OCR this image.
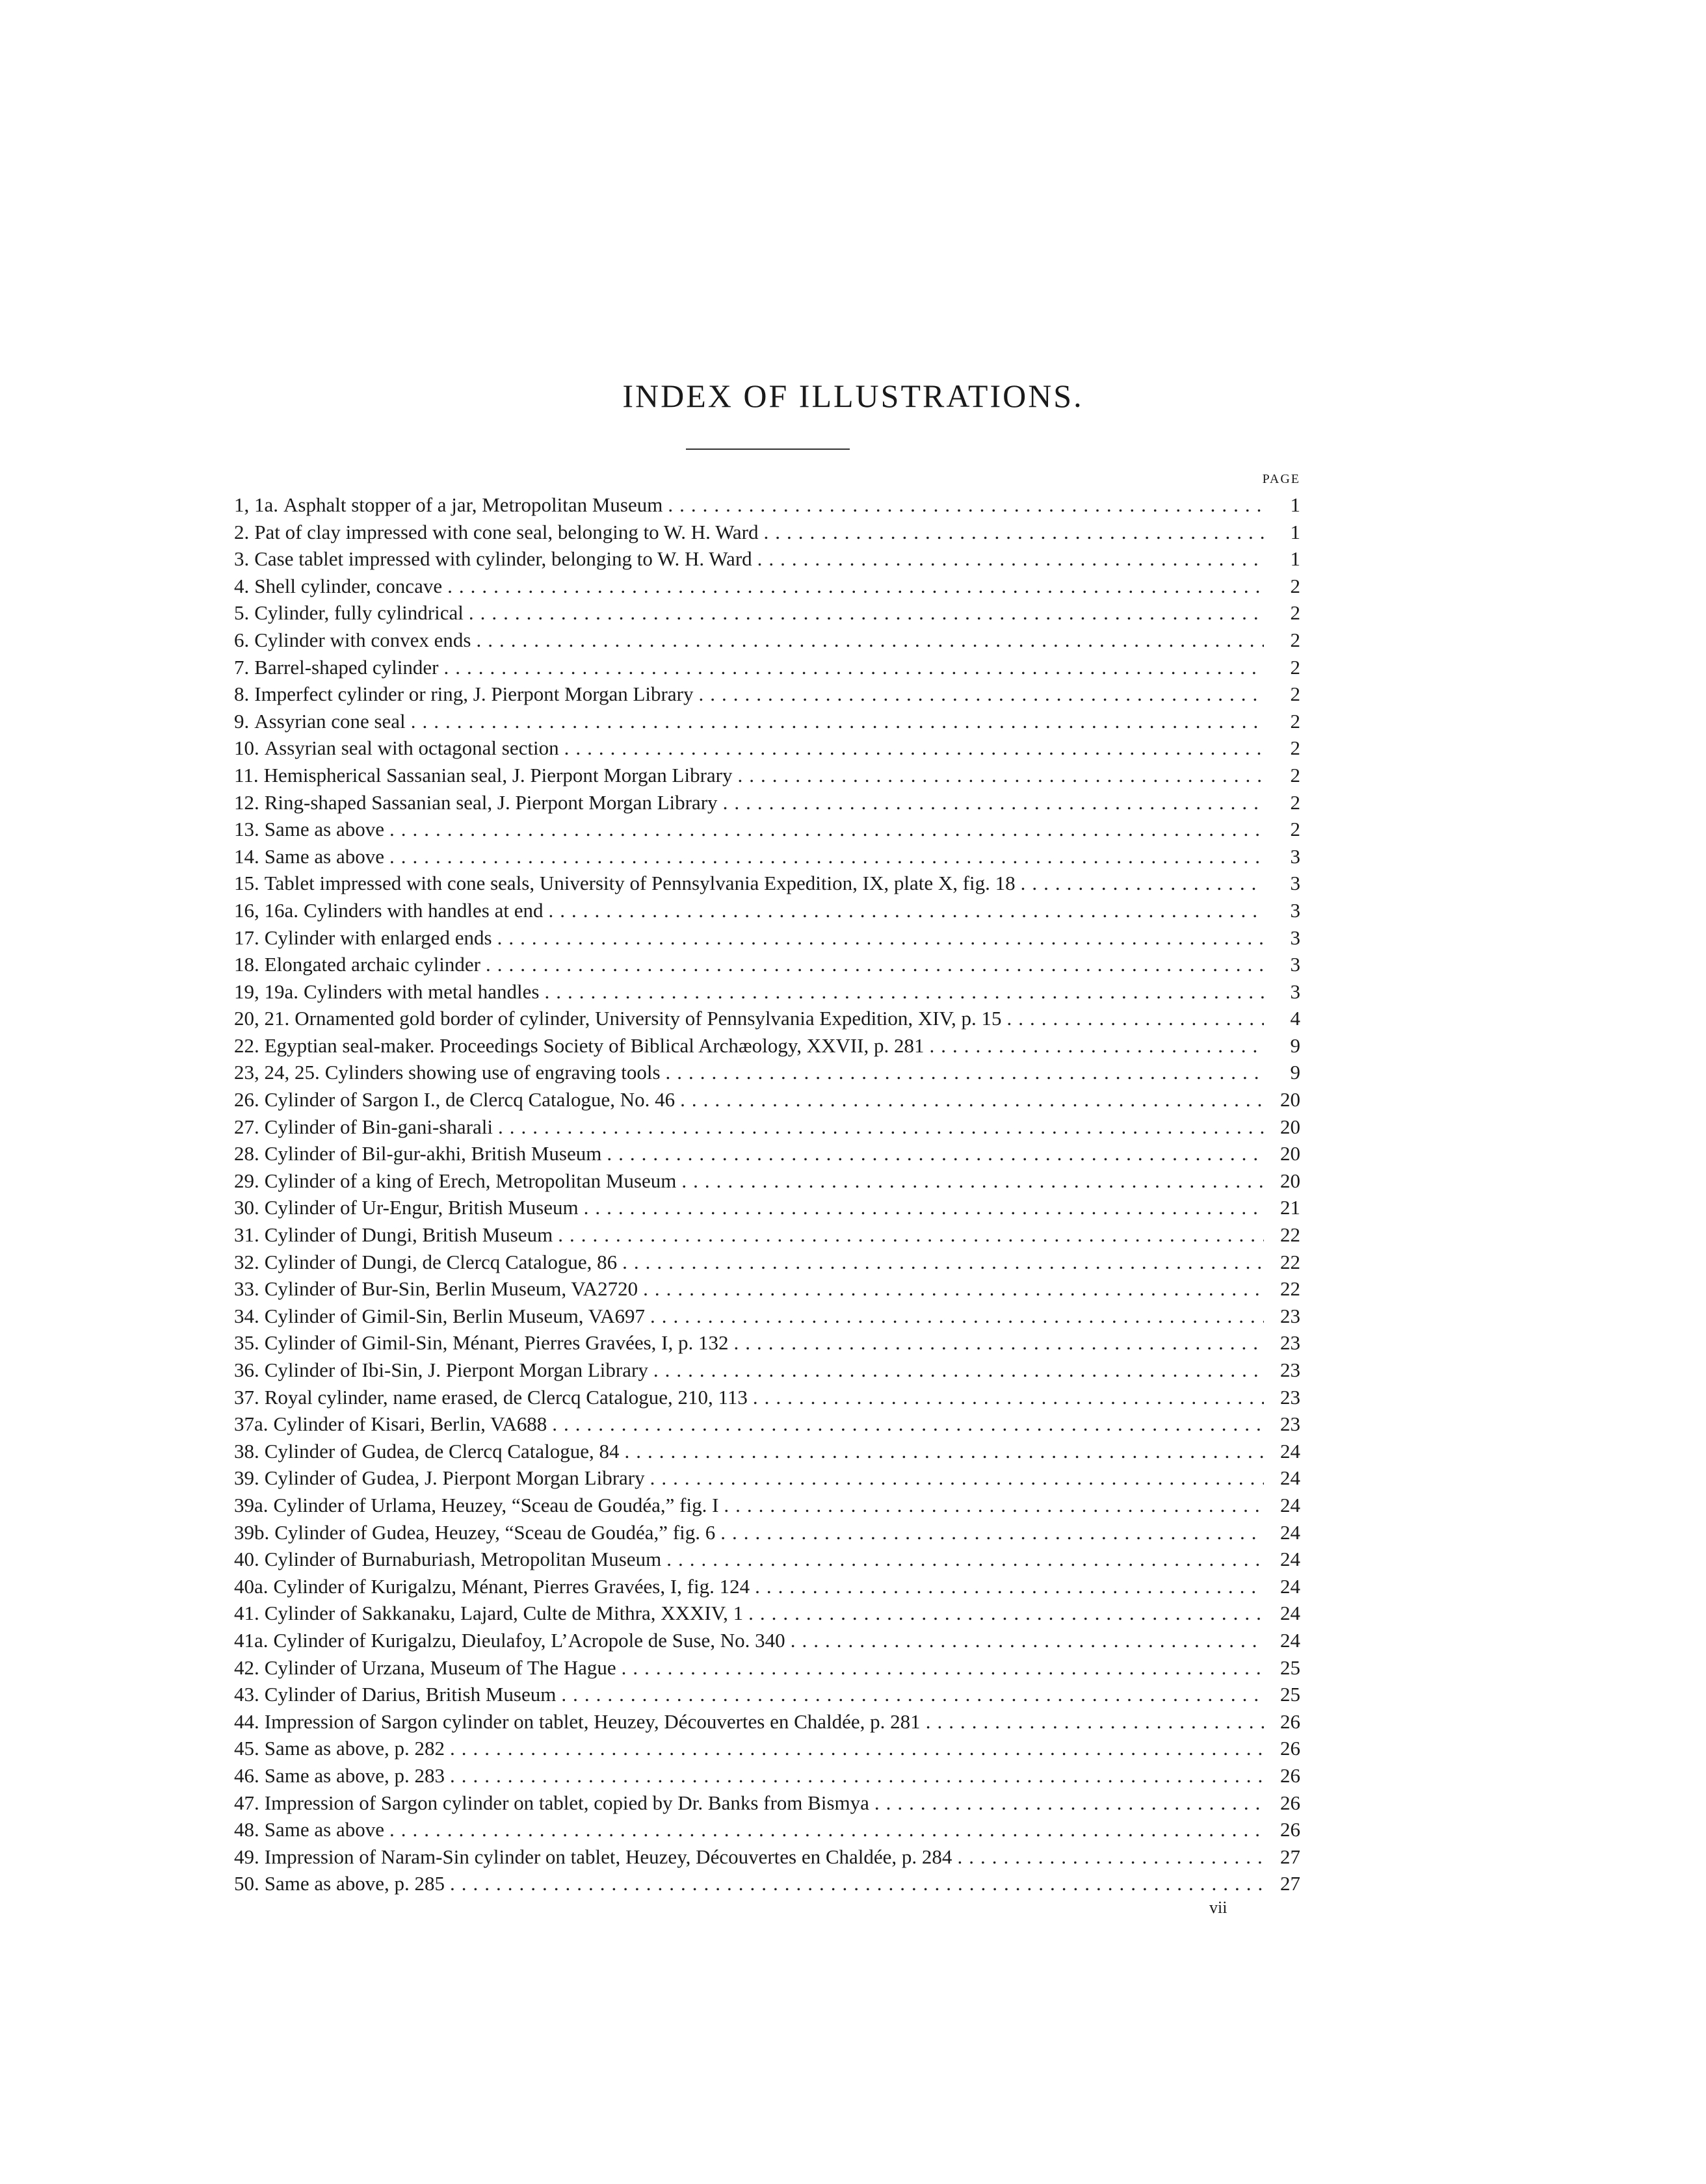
INDEX OF ILLUSTRATIONS.
PAGE
1, 1a. Asphalt stopper of a jar, Metropolitan Museum .....	1
2. Pat of clay impressed with cone seal, belonging to W. H. Ward .....	1
3. Case tablet impressed with cylinder, belonging to W. H. Ward .....	1
4. Shell cylinder, concave .....	2
5. Cylinder, fully cylindrical .....	2
6. Cylinder with convex ends .....	2
7. Barrel-shaped cylinder .....	2
8. Imperfect cylinder or ring, J. Pierpont Morgan Library .....	2
9. Assyrian cone seal .....	2
10. Assyrian seal with octagonal section .....	2
11. Hemispherical Sassanian seal, J. Pierpont Morgan Library .....	2
12. Ring-shaped Sassanian seal, J. Pierpont Morgan Library .....	2
13. Same as above .....	2
14. Same as above .....	3
15. Tablet impressed with cone seals, University of Pennsylvania Expedition, IX, plate X, fig. 18 .....	3
16, 16a. Cylinders with handles at end .....	3
17. Cylinder with enlarged ends .....	3
18. Elongated archaic cylinder .....	3
19, 19a. Cylinders with metal handles .....	3
20, 21. Ornamented gold border of cylinder, University of Pennsylvania Expedition, XIV, p. 15 .....	4
22. Egyptian seal-maker. Proceedings Society of Biblical Archæology, XXVII, p. 281 .....	9
23, 24, 25. Cylinders showing use of engraving tools .....	9
26. Cylinder of Sargon I., de Clercq Catalogue, No. 46 .....	20
27. Cylinder of Bin-gani-sharali .....	20
28. Cylinder of Bil-gur-akhi, British Museum .....	20
29. Cylinder of a king of Erech, Metropolitan Museum .....	20
30. Cylinder of Ur-Engur, British Museum .....	21
31. Cylinder of Dungi, British Museum .....	22
32. Cylinder of Dungi, de Clercq Catalogue, 86 .....	22
33. Cylinder of Bur-Sin, Berlin Museum, VA2720 .....	22
34. Cylinder of Gimil-Sin, Berlin Museum, VA697 .....	23
35. Cylinder of Gimil-Sin, Ménant, Pierres Gravées, I, p. 132 .....	23
36. Cylinder of Ibi-Sin, J. Pierpont Morgan Library .....	23
37. Royal cylinder, name erased, de Clercq Catalogue, 210, 113 .....	23
37a. Cylinder of Kisari, Berlin, VA688 .....	23
38. Cylinder of Gudea, de Clercq Catalogue, 84 .....	24
39. Cylinder of Gudea, J. Pierpont Morgan Library .....	24
39a. Cylinder of Urlama, Heuzey, “Sceau de Goudéa,” fig. I .....	24
39b. Cylinder of Gudea, Heuzey, “Sceau de Goudéa,” fig. 6 .....	24
40. Cylinder of Burnaburiash, Metropolitan Museum .....	24
40a. Cylinder of Kurigalzu, Ménant, Pierres Gravées, I, fig. 124 .....	24
41. Cylinder of Sakkanaku, Lajard, Culte de Mithra, XXXIV, 1 .....	24
41a. Cylinder of Kurigalzu, Dieulafoy, L’Acropole de Suse, No. 340 .....	24
42. Cylinder of Urzana, Museum of The Hague .....	25
43. Cylinder of Darius, British Museum .....	25
44. Impression of Sargon cylinder on tablet, Heuzey, Découvertes en Chaldée, p. 281 .....	26
45. Same as above, p. 282 .....	26
46. Same as above, p. 283 .....	26
47. Impression of Sargon cylinder on tablet, copied by Dr. Banks from Bismya .....	26
48. Same as above .....	26
49. Impression of Naram-Sin cylinder on tablet, Heuzey, Découvertes en Chaldée, p. 284 .....	27
50. Same as above, p. 285 .....	27
vii
